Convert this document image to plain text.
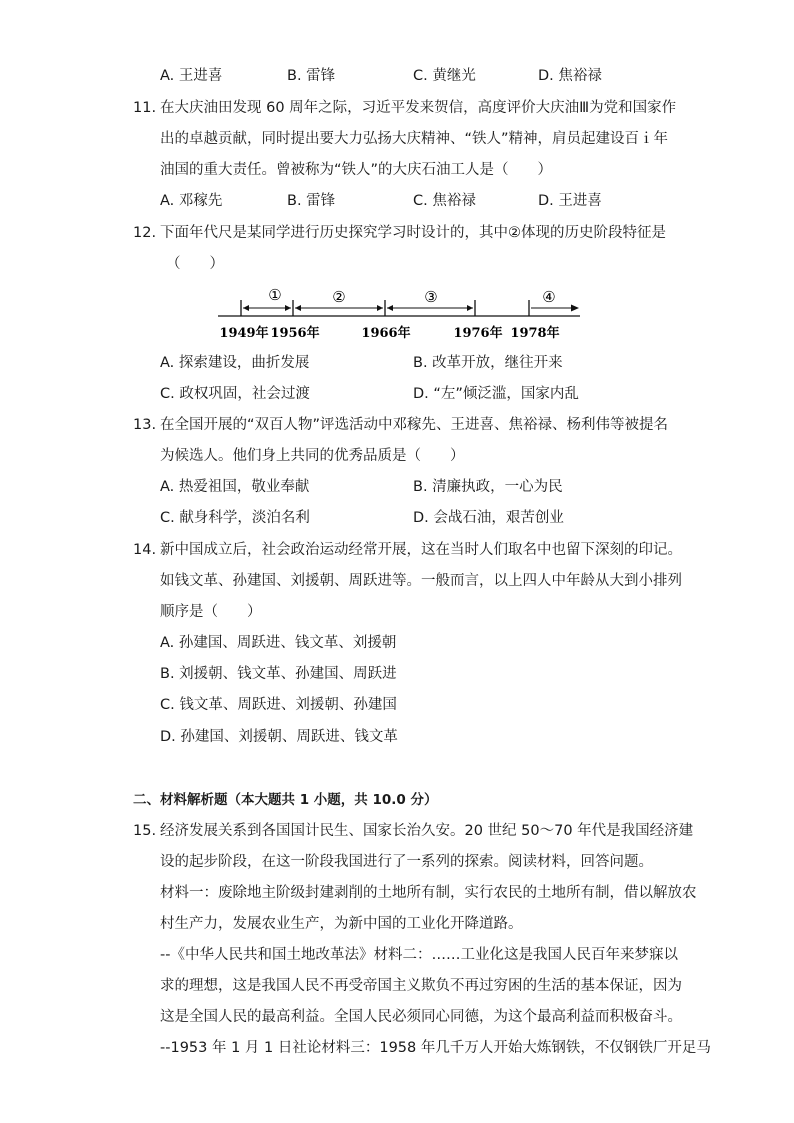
A. 王进喜	B. 雷锋	C. 黄继光	D. 焦裕禄
11. 在大庆油田发现 60 周年之际，习近平发来贺信，高度评价大庆油Ⅲ为党和国家作
出的卓越贡献，同时提出要大力弘扬大庆精神、“铁人”精神，肩员起建设百ｉ年
油国的重大责任。曾被称为“铁人”的大庆石油工人是（　　）
A. 邓稼先	B. 雷锋	C. 焦裕禄	D. 王进喜
12. 下面年代尺是某同学进行历史探究学习时设计的，其中②体现的历史阶段特征是
（　　）
①	②	③	④
1949年 1956年	1966年	1976年 1978年
A. 探索建设，曲折发展	B. 改革开放，继往开来
C. 政权巩固，社会过渡	D. “左”倾泛滥，国家内乱
13. 在全国开展的“双百人物”评选活动中邓稼先、王进喜、焦裕禄、杨利伟等被提名
为候选人。他们身上共同的优秀品质是（　　）
A. 热爱祖国，敬业奉献	B. 清廉执政，一心为民
C. 献身科学，淡泊名利	D. 会战石油，艰苦创业
14. 新中国成立后，社会政治运动经常开展，这在当时人们取名中也留下深刻的印记。
如钱文革、孙建国、刘援朝、周跃进等。一般而言，以上四人中年龄从大到小排列
顺序是（　　）
A. 孙建国、周跃进、钱文革、刘援朝
B. 刘援朝、钱文革、孙建国、周跃进
C. 钱文革、周跃进、刘援朝、孙建国
D. 孙建国、刘援朝、周跃进、钱文革
二、材料解析题（本大题共 1 小题，共 10.0 分）
15. 经济发展关系到各国国计民生、国家长治久安。20 世纪 50～70 年代是我国经济建
设的起步阶段，在这一阶段我国进行了一系列的探索。阅读材料，回答问题。
材料一：废除地主阶级封建剥削的土地所有制，实行农民的土地所有制，借以解放农
村生产力，发展农业生产，为新中国的工业化开降道路。
--《中华人民共和国土地改革法》材料二：……工业化这是我国人民百年来梦寐以
求的理想，这是我国人民不再受帝国主义欺负不再过穷困的生活的基本保证，因为
这是全国人民的最高利益。全国人民必须同心同德，为这个最高利益而积极奋斗。
--1953 年 1 月 1 日社论材料三：1958 年几千万人开始大炼钢铁，不仅钢铁厂开足马
